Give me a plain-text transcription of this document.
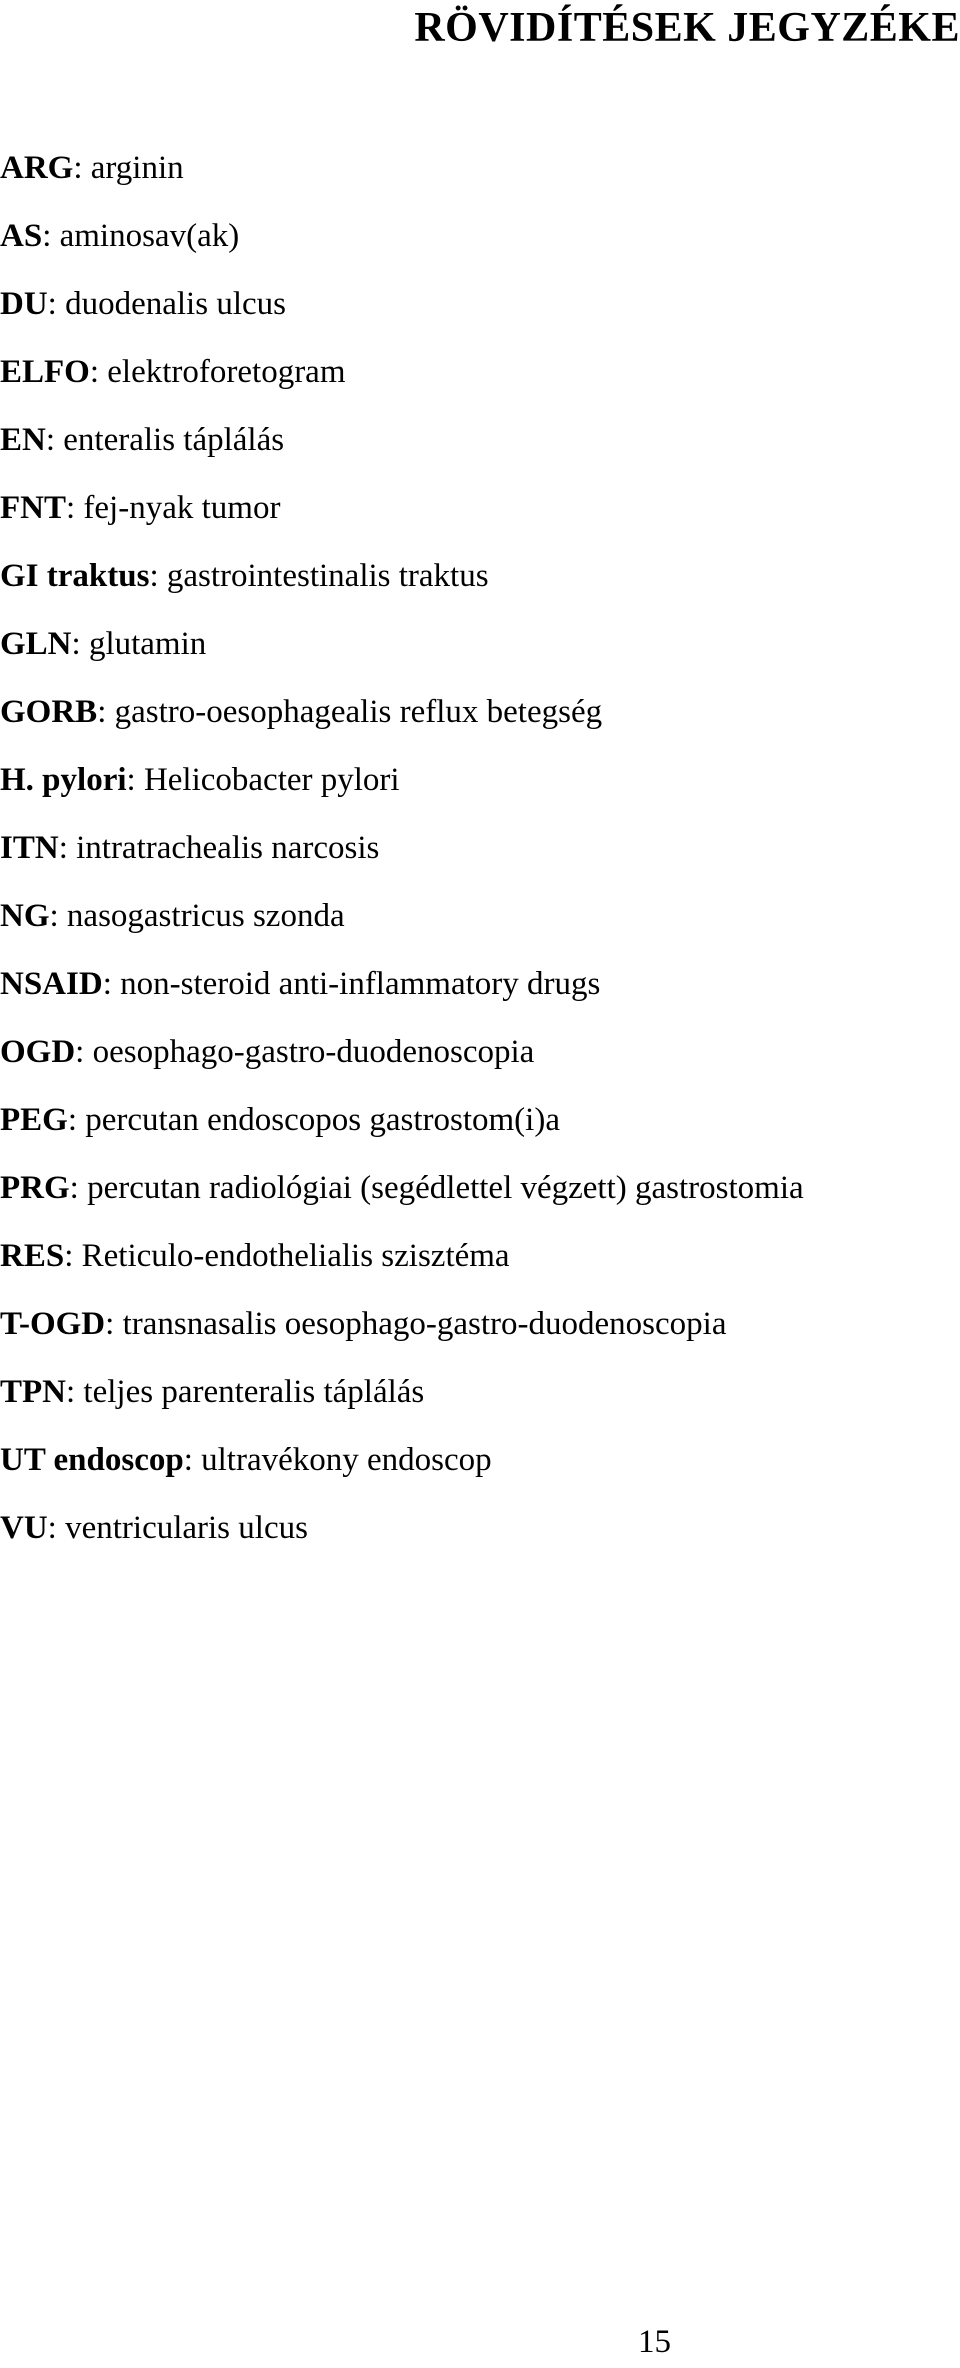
RÖVIDÍTÉSEK JEGYZÉKE
ARG: arginin
AS: aminosav(ak)
DU: duodenalis ulcus
ELFO: elektroforetogram
EN: enteralis táplálás
FNT: fej-nyak tumor
GI traktus: gastrointestinalis traktus
GLN: glutamin
GORB: gastro-oesophagealis reflux betegség
H. pylori: Helicobacter pylori
ITN: intratrachealis narcosis
NG: nasogastricus szonda
NSAID: non-steroid anti-inflammatory drugs
OGD: oesophago-gastro-duodenoscopia
PEG: percutan endoscopos gastrostom(i)a
PRG: percutan radiológiai (segédlettel végzett) gastrostomia
RES: Reticulo-endothelialis szisztéma
T-OGD: transnasalis oesophago-gastro-duodenoscopia
TPN: teljes parenteralis táplálás
UT endoscop: ultravékony endoscop
VU: ventricularis ulcus
15
